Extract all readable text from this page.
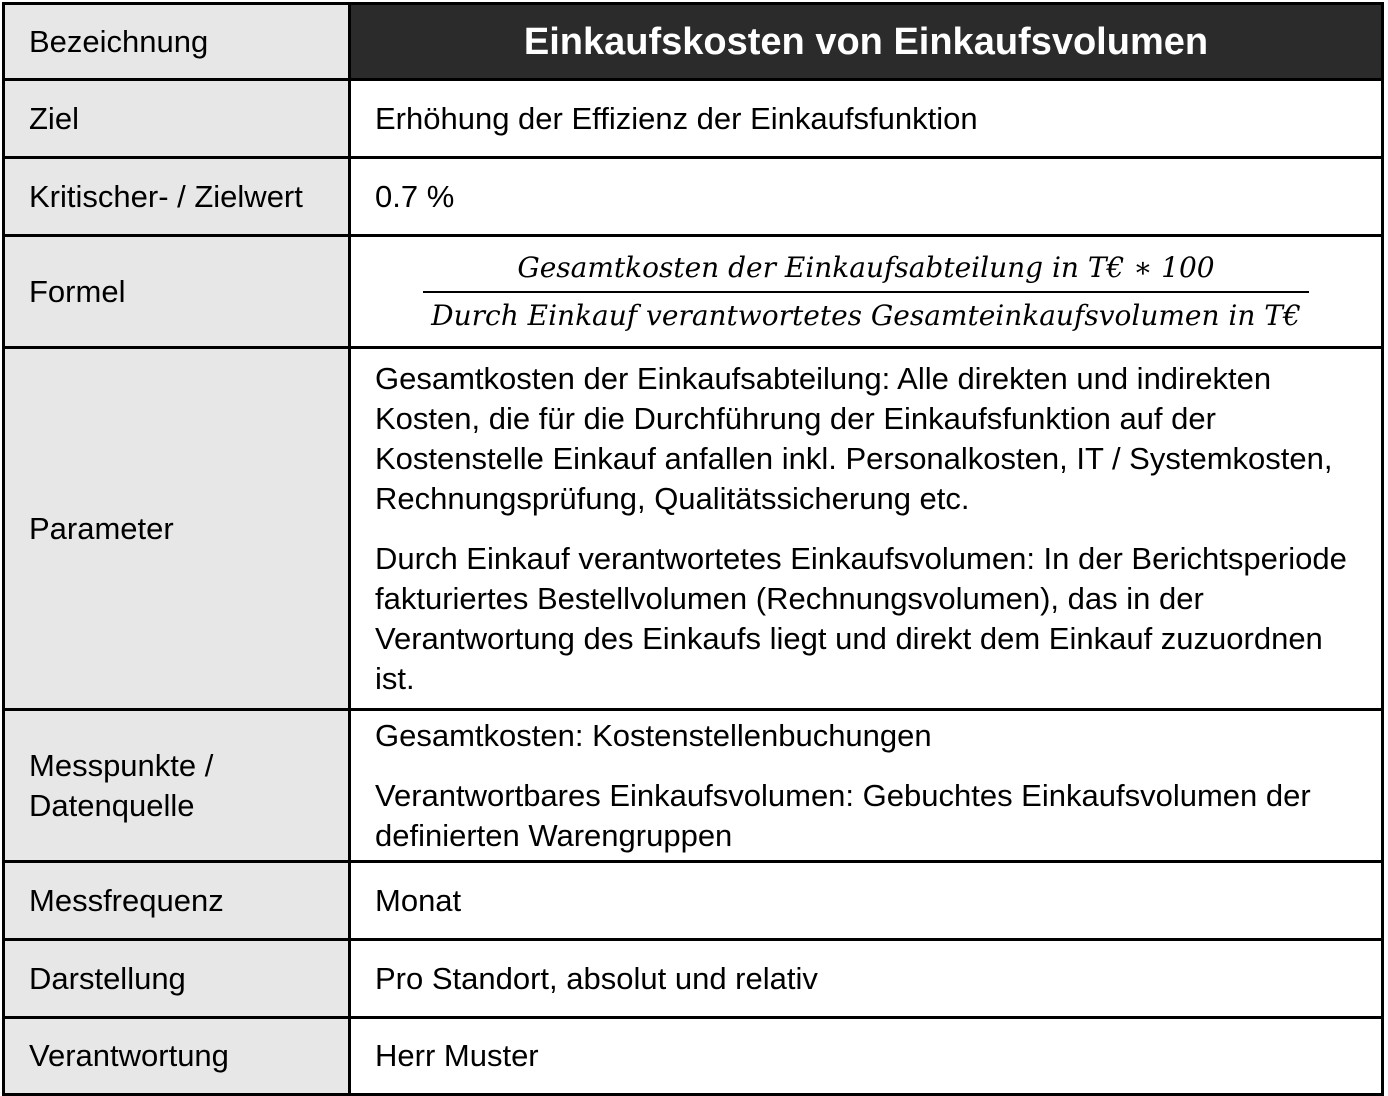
Bezeichnung	Einkaufskosten von Einkaufsvolumen
Ziel	Erhöhung der Effizienz der Einkaufsfunktion
Kritischer- / Zielwert	0.7 %
Formel	$\frac{\text{Gesamtkosten der Einkaufsabteilung in T€ ∗ 100}}{\text{Durch Einkauf verantwortetes Gesamteinkaufsvolumen in T€}}$

Parameter	Gesamtkosten der Einkaufsabteilung: Alle direkten und indirekten Kosten, die für die Durchführung der Einkaufsfunktion auf der Kostenstelle Einkauf anfallen inkl. Personalkosten, IT / Systemkosten, Rechnungsprüfung, Qualitätssicherung etc.

Durch Einkauf verantwortetes Einkaufsvolumen: In der Berichtsperiode fakturiertes Bestellvolumen (Rechnungsvolumen), das in der Verantwortung des Einkaufs liegt und direkt dem Einkauf zuzuordnen ist.

Messpunkte / Datenquelle	Gesamtkosten: Kostenstellenbuchungen

Verantwortbares Einkaufsvolumen: Gebuchtes Einkaufsvolumen der definierten Warengruppen

Messfrequenz	Monat
Darstellung	Pro Standort, absolut und relativ
Verantwortung	Herr Muster
